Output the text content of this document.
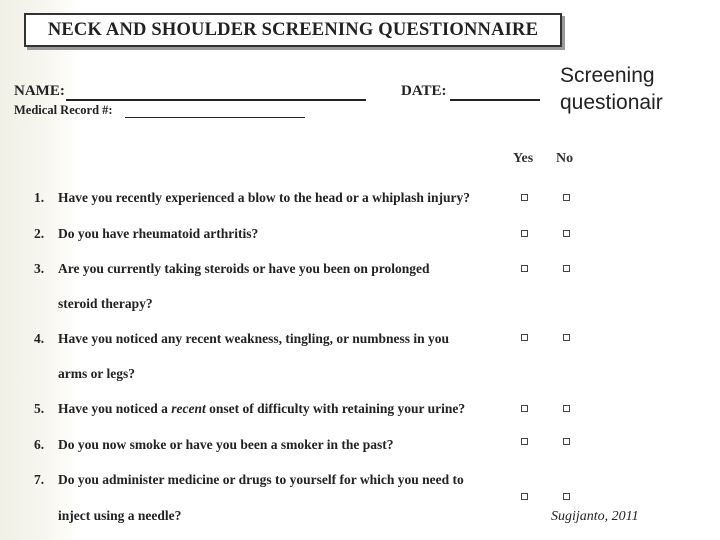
NECK AND SHOULDER SCREENING QUESTIONNAIRE
NAME:	DATE:
Medical Record #:
Yes No
1. Have you recently experienced a blow to the head or a whiplash injury?
2. Do you have rheumatoid arthritis?
3. Are you currently taking steroids or have you been on prolonged
steroid therapy?
4. Have you noticed any recent weakness, tingling, or numbness in you
arms or legs?
5. Have you noticed a recent onset of difficulty with retaining your urine?
6. Do you now smoke or have you been a smoker in the past?
7. Do you administer medicine or drugs to yourself for which you need to
inject using a needle?
Screening questionair
Sugijanto, 2011
